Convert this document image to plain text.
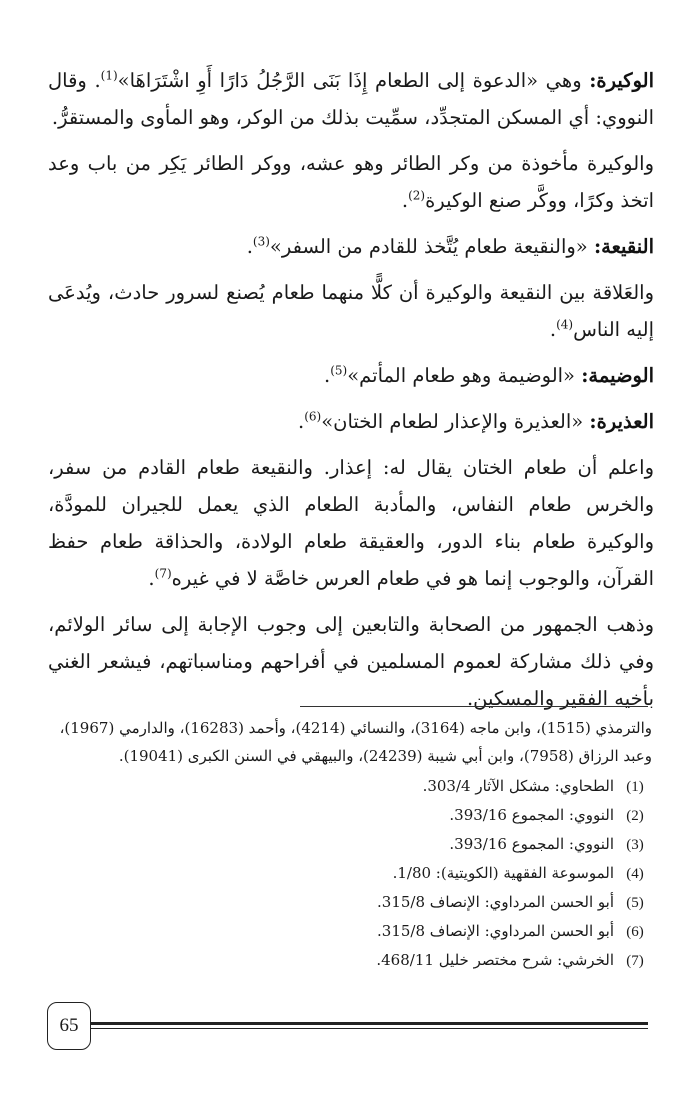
الوكيرة: وهي «الدعوة إلى الطعام إِذَا بَنَى الرَّجُلُ دَارًا أَوِ اشْتَرَاهَا»$^{(1)}$. وقال النووي: أي المسكن المتجدِّد، سمِّيت بذلك من الوكر، وهو المأوى والمستقرُّ.

والوكيرة مأخوذة من وكر الطائر وهو عشه، ووكر الطائر يَكِر من باب وعد اتخذ وكرًا، ووكَّر صنع الوكيرة$^{(2)}$.

النقيعة: «والنقيعة طعام يُتَّخذ للقادم من السفر»$^{(3)}$.

والعَلاقة بين النقيعة والوكيرة أن كلًّا منهما طعام يُصنع لسرور حادث، ويُدعَى إليه الناس$^{(4)}$.

الوضيمة: «الوضيمة وهو طعام المأتم»$^{(5)}$.

العذيرة: «العذيرة والإعذار لطعام الختان»$^{(6)}$.

واعلم أن طعام الختان يقال له: إعذار. والنقيعة طعام القادم من سفر، والخرس طعام النفاس، والمأدبة الطعام الذي يعمل للجيران للمودَّة، والوكيرة طعام بناء الدور، والعقيقة طعام الولادة، والحذاقة طعام حفظ القرآن، والوجوب إنما هو في طعام العرس خاصَّة لا في غيره$^{(7)}$.

وذهب الجمهور من الصحابة والتابعين إلى وجوب الإجابة إلى سائر الولائم، وفي ذلك مشاركة لعموم المسلمين في أفراحهم ومناسباتهم، فيشعر الغني بأخيه الفقير والمسكين.

والترمذي (1515)، وابن ماجه (3164)، والنسائي (4214)، وأحمد (16283)، والدارمي (1967)، وعبد الرزاق (7958)، وابن أبي شيبة (24239)، والبيهقي في السنن الكبرى (19041).

(1)
الطحاوي: مشكل الآثار 303/4.
(2)
النووي: المجموع 393/16.
(3)
النووي: المجموع 393/16.
(4)
الموسوعة الفقهية (الكويتية): 1/80.
(5)
أبو الحسن المرداوي: الإنصاف 315/8.
(6)
أبو الحسن المرداوي: الإنصاف 315/8.
(7)
الخرشي: شرح مختصر خليل 468/11.
65
